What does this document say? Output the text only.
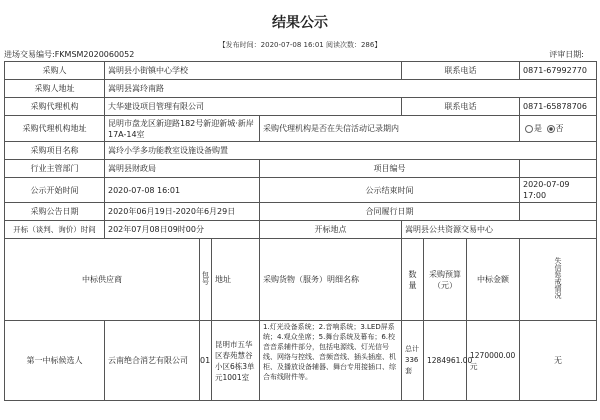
结果公示
【发布时间：2020-07-08 16:01 阅读次数：286】
进场交易编号:FKMSM2020060052	评审日期:
采购人	嵩明县小街镇中心学校				联系电话			0871-67992770
采购人地址	嵩明县嵩玲南路							
采购代理机构	大华建设项目管理有限公司				联系电话			0871-65878706
采购代理机构地址	昆明市盘龙区新迎路182号新迎新城·新岸17A-14室			采购代理机构是否在失信活动记录期内				是 否
采购项目名称	嵩玲小学多功能教室设施设备购置							
行业主管部门	嵩明县财政局			项目编号				
公示开始时间	2020-07-08 16:01			公示结束时间				2020-07-09 17:00
采购公告日期	2020年06月19日-2020年6月29日			合同履行日期				
开标（谈判、询价）时间	202年07月08日09时00分			开标地点	嵩明县公共资源交易中心			
中标供应商		包号	地址	采购货物（服务）明细名称	数量	采购预算（元）	中标金额	失信惩戒情况
第一中标候选人	云南绝合消艺有限公司	01	昆明市五华区春苑慧谷小区6栋3单元1001室	1.灯光设备系统；2.音响系统；3.LED屏系统；4.观众坐席；5.舞台系统及幕布；6.校音音系辅件部分，包括电源线、灯光信号线、网络与控线、音频音线、插头插座、机柜、及播放设备辅器、舞台专用接插口、综合布线附件等。	总计336套	1284961.00	1270000.00元	无
